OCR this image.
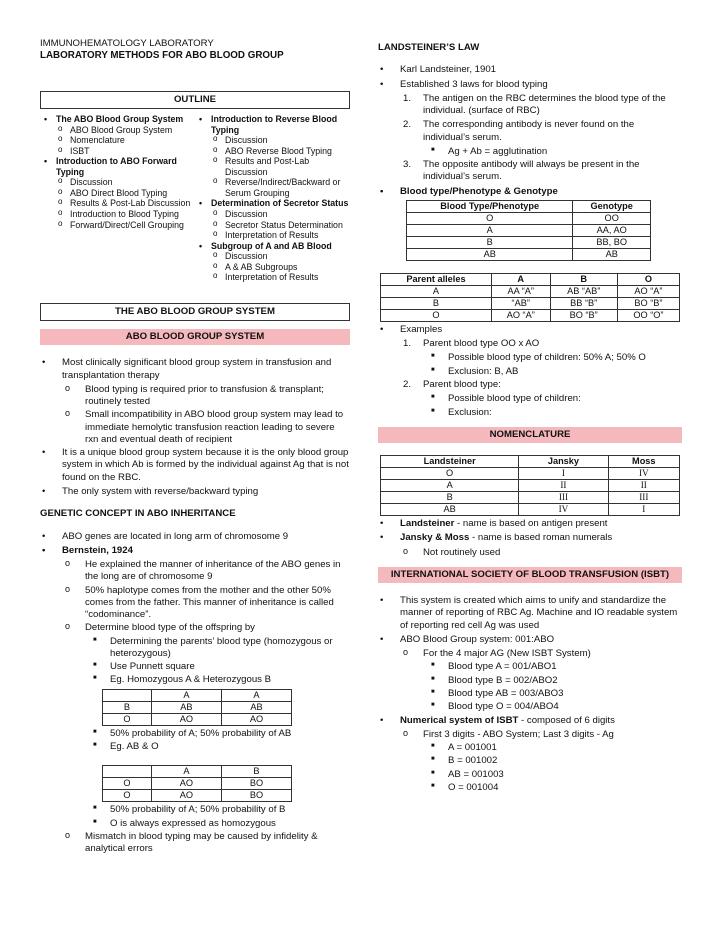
IMMUNOHEMATOLOGY LABORATORY
LABORATORY METHODS FOR ABO BLOOD GROUP
OUTLINE
• The ABO Blood Group System
o ABO Blood Group System
o Nomenclature
o ISBT
• Introduction to ABO Forward Typing
o Discussion
o ABO Direct Blood Typing
o Results & Post-Lab Discussion
o Introduction to Blood Typing
o Forward/Direct/Cell Grouping
• Introduction to Reverse Blood Typing
o Discussion
o ABO Reverse Blood Typing
o Results and Post-Lab Discussion
o Reverse/Indirect/Backward or Serum Grouping
• Determination of Secretor Status
o Discussion
o Secretor Status Determination
o Interpretation of Results
• Subgroup of A and AB Blood
o Discussion
o A & AB Subgroups
o Interpretation of Results
THE ABO BLOOD GROUP SYSTEM
ABO BLOOD GROUP SYSTEM
• Most clinically significant blood group system in transfusion and transplantation therapy
o Blood typing is required prior to transfusion & transplant; routinely tested
o Small incompatibility in ABO blood group system may lead to immediate hemolytic transfusion reaction leading to severe rxn and eventual death of recipient
• It is a unique blood group system because it is the only blood group system in which Ab is formed by the individual against Ag that is not found on the RBC.
• The only system with reverse/backward typing
GENETIC CONCEPT IN ABO INHERITANCE
• ABO genes are located in long arm of chromosome 9
• Bernstein, 1924
o He explained the manner of inheritance of the ABO genes in the long are of chromosome 9
o 50% haplotype comes from the mother and the other 50% comes from the father. This manner of inheritance is called “codominance”.
o Determine blood type of the offspring by
■ Determining the parents’ blood type (homozygous or heterozygous)
■ Use Punnett square
■ Eg. Homozygous A & Heterozygous B
	A	A
B	AB	AB
O	AO	AO
■ 50% probability of A; 50% probability of AB
■ Eg. AB & O
	A	B
O	AO	BO
O	AO	BO
■ 50% probability of A; 50% probability of B
■ O is always expressed as homozygous
o Mismatch in blood typing may be caused by infidelity & analytical errors
LANDSTEINER’S LAW
• Karl Landsteiner, 1901
• Established 3 laws for blood typing
1. The antigen on the RBC determines the blood type of the individual. (surface of RBC)
2. The corresponding antibody is never found on the individual’s serum.
■ Ag + Ab = agglutination
3. The opposite antibody will always be present in the individual’s serum.
• Blood type/Phenotype & Genotype
Blood Type/Phenotype	Genotype
O	OO
A	AA, AO
B	BB, BO
AB	AB
Parent alleles	A	B	O
A	AA “A”	AB “AB”	AO “A”
B	“AB”	BB “B”	BO “B”
O	AO “A”	BO “B”	OO “O”
• Examples
1. Parent blood type OO x AO
■ Possible blood type of children: 50% A; 50% O
■ Exclusion: B, AB
2. Parent blood type:
■ Possible blood type of children:
■ Exclusion:
NOMENCLATURE
Landsteiner	Jansky	Moss
O	I	IV
A	II	II
B	III	III
AB	IV	I
• Landsteiner - name is based on antigen present
• Jansky & Moss - name is based roman numerals
o Not routinely used
INTERNATIONAL SOCIETY OF BLOOD TRANSFUSION (ISBT)
• This system is created which aims to unify and standardize the manner of reporting of RBC Ag. Machine and IO readable system of reporting red cell Ag was used
• ABO Blood Group system: 001:ABO
o For the 4 major AG (New ISBT System)
■ Blood type A = 001/ABO1
■ Blood type B = 002/ABO2
■ Blood type AB = 003/ABO3
■ Blood type O = 004/ABO4
• Numerical system of ISBT - composed of 6 digits
o First 3 digits - ABO System; Last 3 digits - Ag
■ A = 001001
■ B = 001002
■ AB = 001003
■ O = 001004
